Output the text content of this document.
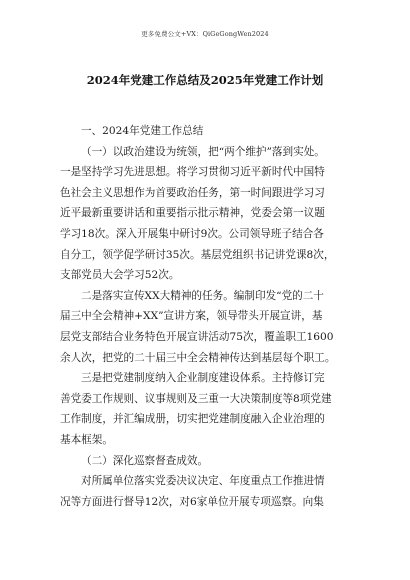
更多免费公文+VX：QiGeGongWen2024
2024年党建工作总结及2025年党建工作计划
一、2024年党建工作总结
（一）以政治建设为统领，把“两个维护”落到实处。
一是坚持学习先进思想。将学习贯彻习近平新时代中国特
色社会主义思想作为首要政治任务，第一时间跟进学习习
近平最新重要讲话和重要指示批示精神，党委会第一议题
学习18次。深入开展集中研讨9次。公司领导班子结合各
自分工，领学促学研讨35次。基层党组织书记讲党课8次，
支部党员大会学习52次。
二是落实宣传XX大精神的任务。编制印发“党的二十
届三中全会精神+XX”宣讲方案，领导带头开展宣讲，基
层党支部结合业务特色开展宣讲活动75次，覆盖职工1600
余人次，把党的二十届三中全会精神传达到基层每个职工。
三是把党建制度纳入企业制度建设体系。主持修订完
善党委工作规则、议事规则及三重一大决策制度等8项党建
工作制度，并汇编成册，切实把党建制度融入企业治理的
基本框架。
（二）深化巡察督查成效。
对所属单位落实党委决议决定、年度重点工作推进情
况等方面进行督导12次，对6家单位开展专项巡察。向集
